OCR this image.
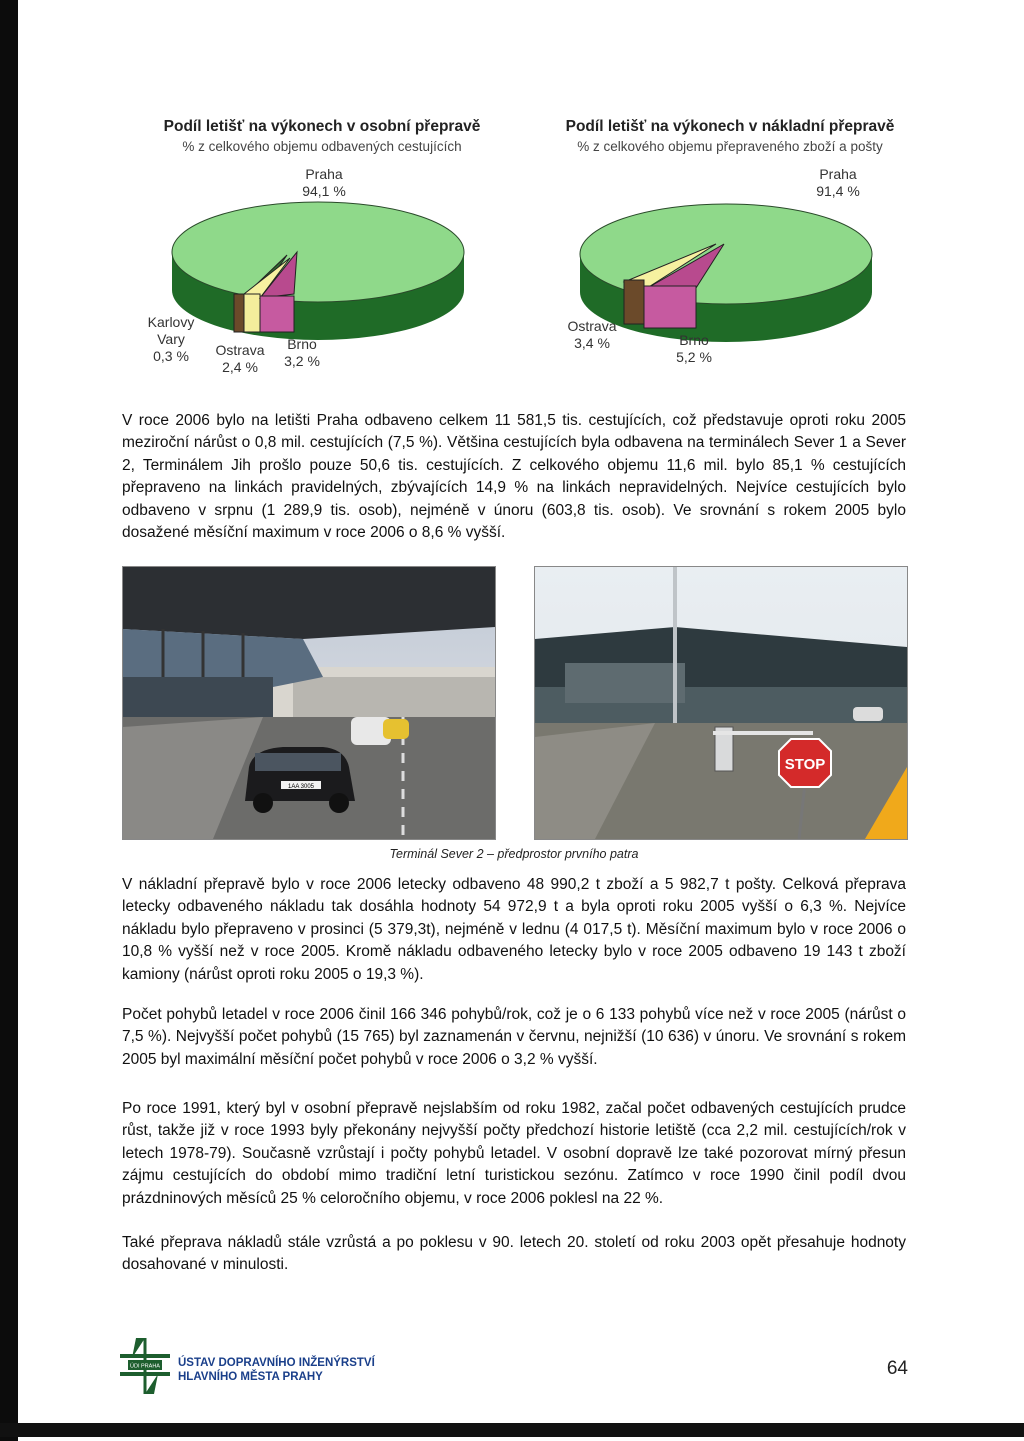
Podíl letišť na výkonech v osobní přepravě
% z celkového objemu odbavených cestujících
Praha
94,1 %
Karlovy
Vary
0,3 %	Ostrava
2,4 %
Brno
3,2 %
Podíl letišť na výkonech v nákladní přepravě
% z celkového objemu přepraveného zboží a pošty
Praha
91,4 %
Ostrava
3,4 %	Brno
5,2 %

V roce 2006 bylo na letišti Praha odbaveno celkem 11 581,5 tis. cestujících, což představuje oproti roku 2005 meziroční nárůst o 0,8 mil. cestujících (7,5 %). Většina cestujících byla odbavena na terminálech Sever 1 a Sever 2, Terminálem Jih prošlo pouze 50,6 tis. cestujících. Z celkového objemu 11,6 mil. bylo 85,1 % cestujících přepraveno na linkách pravidelných, zbývajících 14,9 % na linkách nepravidelných. Nejvíce cestujících bylo odbaveno v srpnu (1 289,9 tis. osob), nejméně v únoru (603,8 tis. osob). Ve srovnání s rokem 2005 bylo dosažené měsíční maximum v roce 2006 o 8,6 % vyšší.

1AA 3005
STOP
Terminál Sever 2 – předprostor prvního patra

V nákladní přepravě bylo v roce 2006 letecky odbaveno 48 990,2 t zboží a 5 982,7 t pošty. Celková přeprava letecky odbaveného nákladu tak dosáhla hodnoty 54 972,9 t a byla oproti roku 2005 vyšší o 6,3 %. Nejvíce nákladu bylo přepraveno v prosinci (5 379,3t), nejméně v lednu (4 017,5 t). Měsíční maximum bylo v roce 2006 o 10,8 % vyšší než v roce 2005. Kromě nákladu odbaveného letecky bylo v roce 2005 odbaveno 19 143 t zboží kamiony (nárůst oproti roku 2005 o 19,3 %).

Počet pohybů letadel v roce 2006 činil 166 346 pohybů/rok, což je o 6 133 pohybů více než v roce 2005 (nárůst o 7,5 %). Nejvyšší počet pohybů (15 765) byl zaznamenán v červnu, nejnižší (10 636) v únoru. Ve srovnání s rokem 2005 byl maximální měsíční počet pohybů v roce 2006 o 3,2 % vyšší.

Po roce 1991, který byl v osobní přepravě nejslabším od roku 1982, začal počet odbavených cestujících prudce růst, takže již v roce 1993 byly překonány nejvyšší počty předchozí historie letiště (cca 2,2 mil. cestujících/rok v letech 1978-79). Současně vzrůstají i počty pohybů letadel. V osobní dopravě lze také pozorovat mírný přesun zájmu cestujících do období mimo tradiční letní turistickou sezónu. Zatímco v roce 1990 činil podíl dvou prázdninových měsíců 25 % celoročního objemu, v roce 2006 poklesl na 22 %.

Také přeprava nákladů stále vzrůstá a po poklesu v 90. letech 20. století od roku 2003 opět přesahuje hodnoty dosahované v minulosti.

ÚDI PRAHA ÚSTAV DOPRAVNÍHO INŽENÝRSTVÍ
HLAVNÍHO MĚSTA PRAHY	64
